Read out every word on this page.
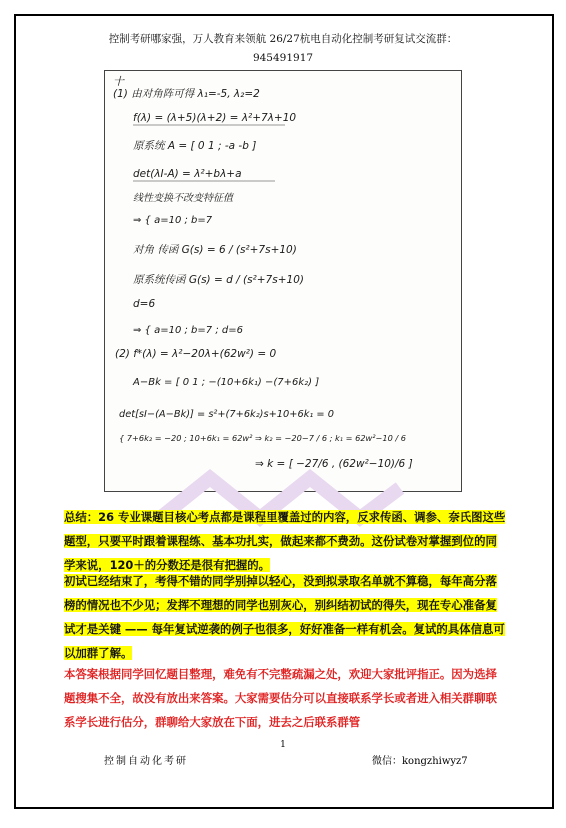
控制考研哪家强，万人教育来领航 26/27杭电自动化控制考研复试交流群：
945491917
十
(1) 由对角阵可得 λ₁=-5, λ₂=2
f(λ) = (λ+5)(λ+2) = λ²+7λ+10
原系统 A = [ 0 1 ; -a -b ]
det(λI-A) = λ²+bλ+a
线性变换不改变特征值
⇒ { a=10 ; b=7
对角 传函 G(s) = 6 / (s²+7s+10)
原系统传函 G(s) = d / (s²+7s+10)
d=6
⇒ { a=10 ; b=7 ; d=6
(2) f*(λ) = λ²−20λ+(62w²) = 0
A−Bk = [ 0 1 ; −(10+6k₁) −(7+6k₂) ]
det[sI−(A−Bk)] = s²+(7+6k₂)s+10+6k₁ = 0
{ 7+6k₂ = −20 ; 10+6k₁ = 62w² ⇒ k₂ = −20−7 / 6 ; k₁ = 62w²−10 / 6
⇒ k = [ −27/6 , (62w²−10)/6 ]
总结：26 专业课题目核心考点都是课程里覆盖过的内容，反求传函、调参、奈氏图这些题型，只要平时跟着课程练、基本功扎实，做起来都不费劲。这份试卷对掌握到位的同学来说，120＋的分数还是很有把握的。
初试已经结束了，考得不错的同学别掉以轻心，没到拟录取名单就不算稳，每年高分落榜的情况也不少见；发挥不理想的同学也别灰心，别纠结初试的得失，现在专心准备复试才是关键 —— 每年复试逆袭的例子也很多，好好准备一样有机会。复试的具体信息可以加群了解。
本答案根据同学回忆题目整理，难免有不完整疏漏之处，欢迎大家批评指正。因为选择题搜集不全，故没有放出来答案。大家需要估分可以直接联系学长或者进入相关群聊联系学长进行估分，群聊给大家放在下面，进去之后联系群管
1
控制自动化考研	微信：kongzhiwyz7
